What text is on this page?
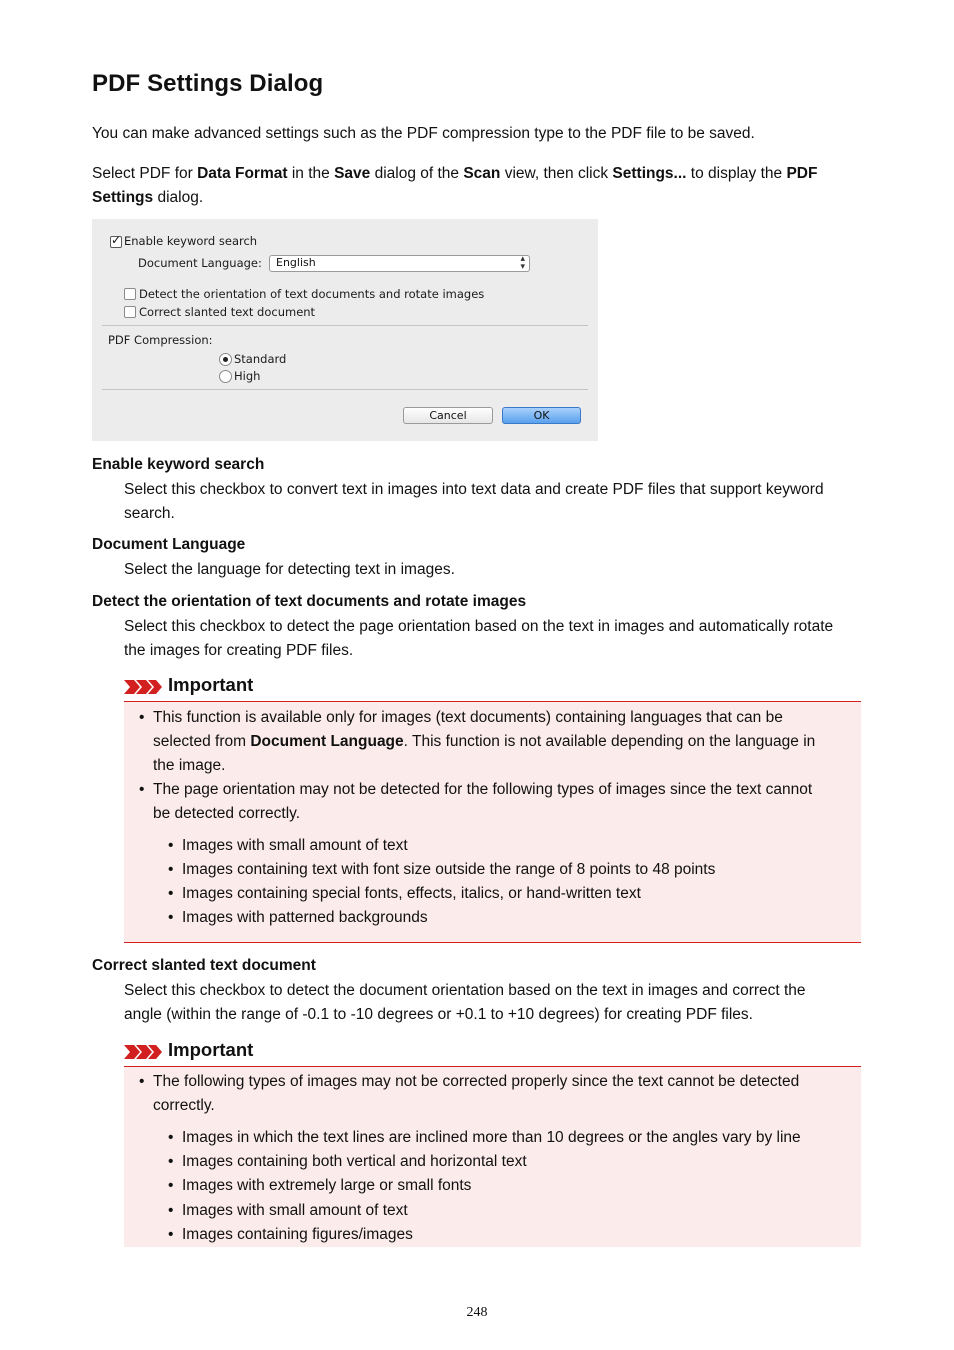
PDF Settings Dialog
You can make advanced settings such as the PDF compression type to the PDF file to be saved.
Select PDF for Data Format in the Save dialog of the Scan view, then click Settings... to display the PDF
Settings dialog.
✓
Enable keyword search
Document Language: English	▴
▾
Detect the orientation of text documents and rotate images
Correct slanted text document
PDF Compression:
Standard
High
Cancel	OK
Enable keyword search
Select this checkbox to convert text in images into text data and create PDF files that support keyword
search.
Document Language
Select the language for detecting text in images.
Detect the orientation of text documents and rotate images
Select this checkbox to detect the page orientation based on the text in images and automatically rotate
the images for creating PDF files.
Important
• This function is available only for images (text documents) containing languages that can be
selected from Document Language. This function is not available depending on the language in
the image.
• The page orientation may not be detected for the following types of images since the text cannot
be detected correctly.
• Images with small amount of text
• Images containing text with font size outside the range of 8 points to 48 points
• Images containing special fonts, effects, italics, or hand-written text
• Images with patterned backgrounds
Correct slanted text document
Select this checkbox to detect the document orientation based on the text in images and correct the
angle (within the range of -0.1 to -10 degrees or +0.1 to +10 degrees) for creating PDF files.
Important
• The following types of images may not be corrected properly since the text cannot be detected
correctly.
• Images in which the text lines are inclined more than 10 degrees or the angles vary by line
• Images containing both vertical and horizontal text
• Images with extremely large or small fonts
• Images with small amount of text
• Images containing figures/images
248
